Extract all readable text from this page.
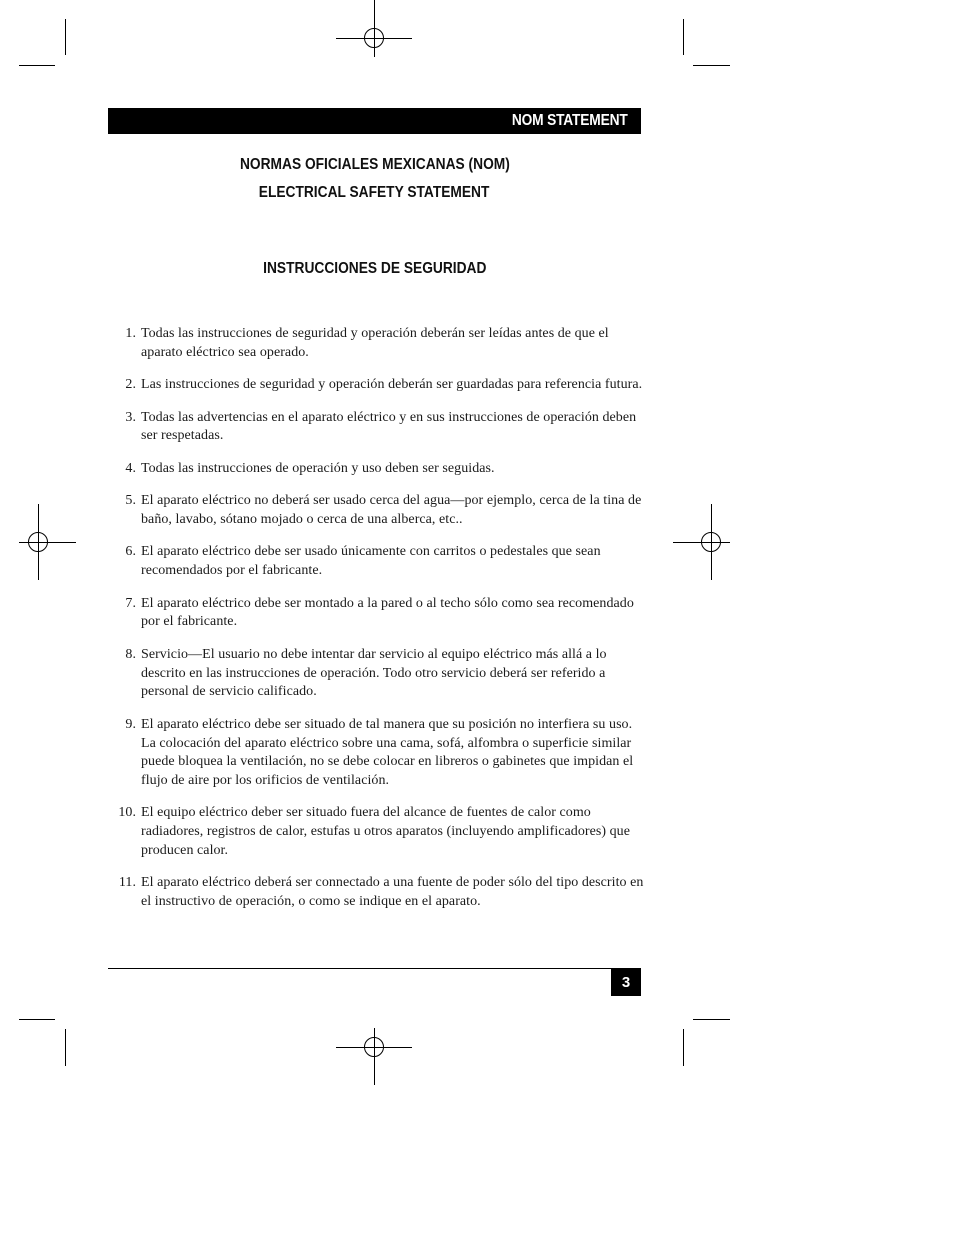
NOM STATEMENT
NORMAS OFICIALES MEXICANAS (NOM)
ELECTRICAL SAFETY STATEMENT
INSTRUCCIONES DE SEGURIDAD
1. Todas las instrucciones de seguridad y operación deberán ser leídas antes de que el aparato eléctrico sea operado.
2. Las instrucciones de seguridad y operación deberán ser guardadas para referencia futura.
3. Todas las advertencias en el aparato eléctrico y en sus instrucciones de operación deben ser respetadas.
4. Todas las instrucciones de operación y uso deben ser seguidas.
5. El aparato eléctrico no deberá ser usado cerca del agua—por ejemplo, cerca de la tina de baño, lavabo, sótano mojado o cerca de una alberca, etc..
6. El aparato eléctrico debe ser usado únicamente con carritos o pedestales que sean recomendados por el fabricante.
7. El aparato eléctrico debe ser montado a la pared o al techo sólo como sea recomendado por el fabricante.
8. Servicio—El usuario no debe intentar dar servicio al equipo eléctrico más allá a lo descrito en las instrucciones de operación. Todo otro servicio deberá ser referido a personal de servicio calificado.
9. El aparato eléctrico debe ser situado de tal manera que su posición no interfiera su uso. La colocación del aparato eléctrico sobre una cama, sofá, alfombra o superficie similar puede bloquea la ventilación, no se debe colocar en libreros o gabinetes que impidan el flujo de aire por los orificios de ventilación.
10. El equipo eléctrico deber ser situado fuera del alcance de fuentes de calor como radiadores, registros de calor, estufas u otros aparatos (incluyendo amplificadores) que producen calor.
11. El aparato eléctrico deberá ser connectado a una fuente de poder sólo del tipo descrito en el instructivo de operación, o como se indique en el aparato.
3
